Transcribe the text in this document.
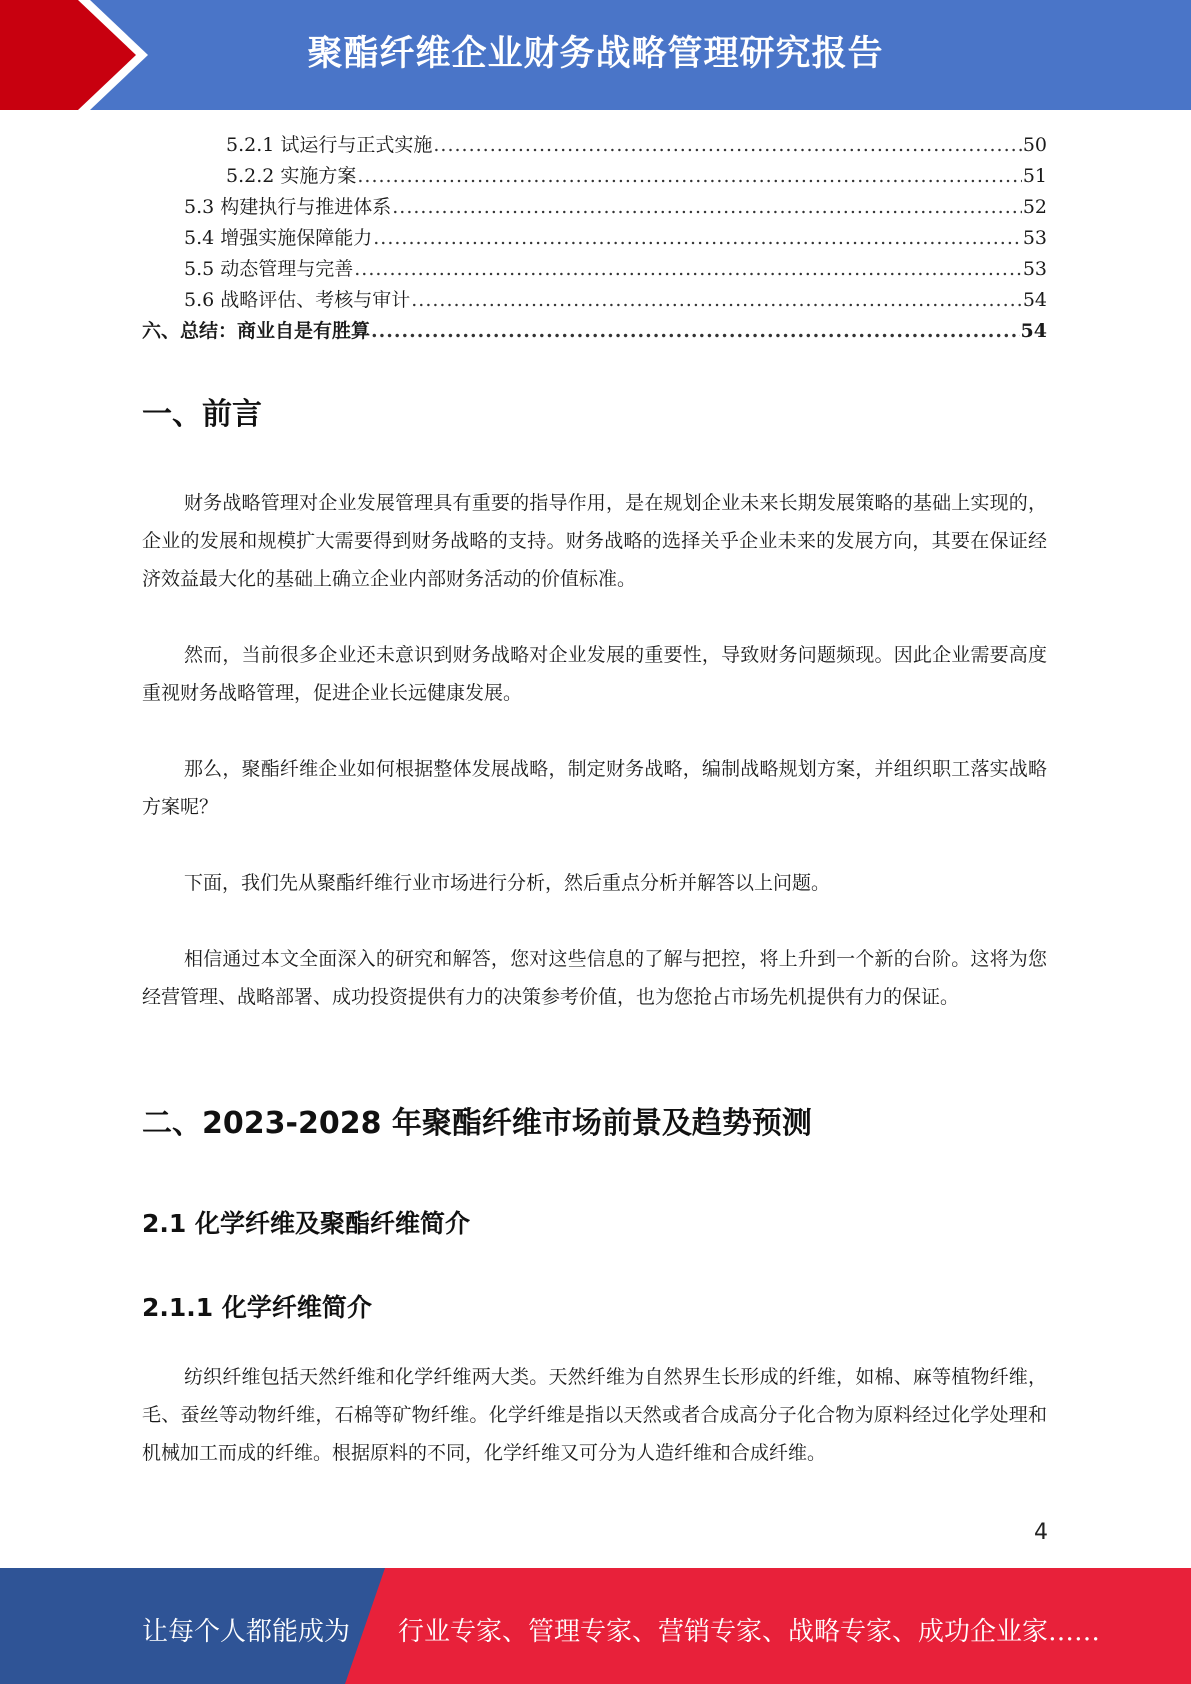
聚酯纤维企业财务战略管理研究报告
5.2.1 试运行与正式实施 .....	50
5.2.2 实施方案 .....	51
5.3 构建执行与推进体系 .....	52
5.4 增强实施保障能力 .....	53
5.5 动态管理与完善 .....	53
5.6 战略评估、考核与审计 .....	54
六、总结：商业自是有胜算 .....	54
一、前言

财务战略管理对企业发展管理具有重要的指导作用，是在规划企业未来长期发展策略的基础上实现的，企业的发展和规模扩大需要得到财务战略的支持。财务战略的选择关乎企业未来的发展方向，其要在保证经济效益最大化的基础上确立企业内部财务活动的价值标准。

然而，当前很多企业还未意识到财务战略对企业发展的重要性，导致财务问题频现。因此企业需要高度重视财务战略管理，促进企业长远健康发展。

那么，聚酯纤维企业如何根据整体发展战略，制定财务战略，编制战略规划方案，并组织职工落实战略方案呢？

下面，我们先从聚酯纤维行业市场进行分析，然后重点分析并解答以上问题。

相信通过本文全面深入的研究和解答，您对这些信息的了解与把控，将上升到一个新的台阶。这将为您经营管理、战略部署、成功投资提供有力的决策参考价值，也为您抢占市场先机提供有力的保证。

二、2023-2028 年聚酯纤维市场前景及趋势预测
2.1 化学纤维及聚酯纤维简介
2.1.1 化学纤维简介

纺织纤维包括天然纤维和化学纤维两大类。天然纤维为自然界生长形成的纤维，如棉、麻等植物纤维，毛、蚕丝等动物纤维，石棉等矿物纤维。化学纤维是指以天然或者合成高分子化合物为原料经过化学处理和机械加工而成的纤维。根据原料的不同，化学纤维又可分为人造纤维和合成纤维。

4
让每个人都能成为 行业专家、管理专家、营销专家、战略专家、成功企业家……
